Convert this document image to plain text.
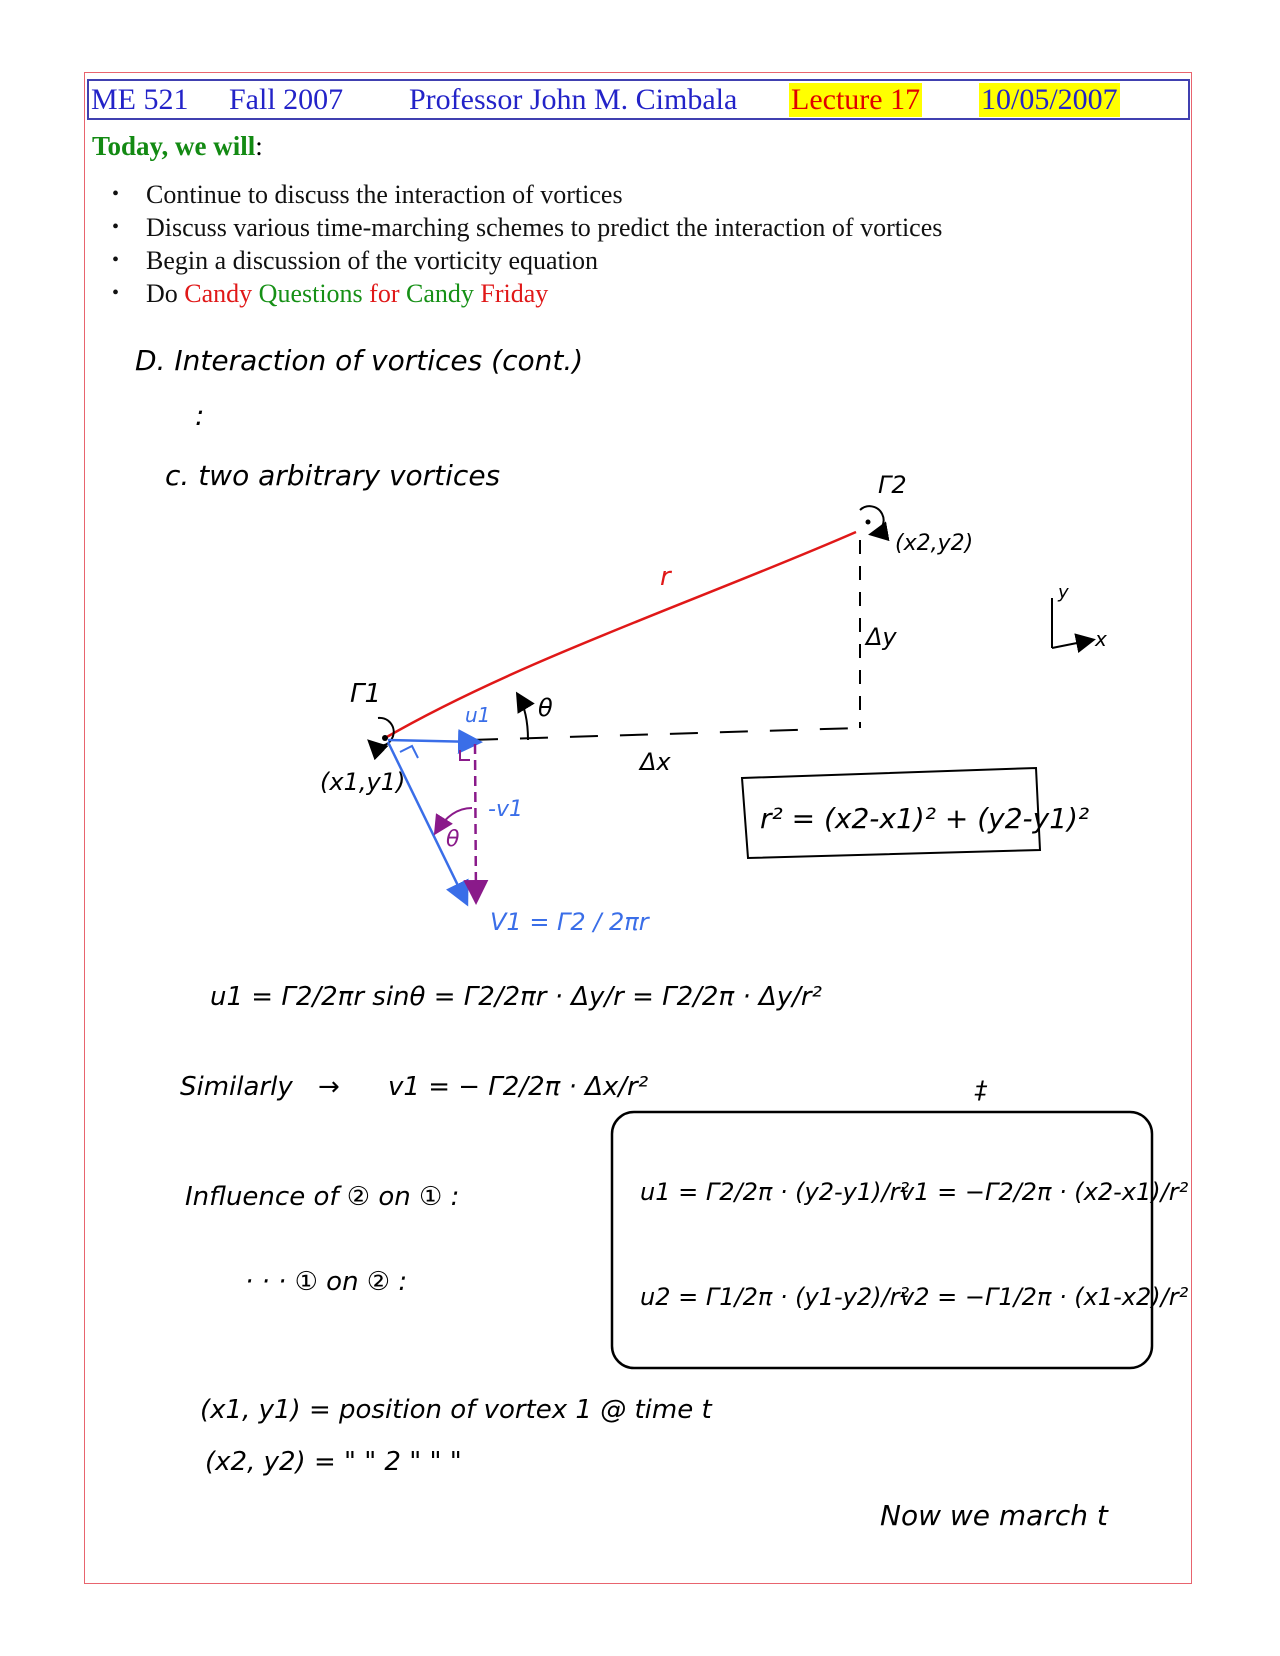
ME 521 Fall 2007 Professor John M. Cimbala Lecture 17 10/05/2007
Today, we will:
• Continue to discuss the interaction of vortices
• Discuss various time-marching schemes to predict the interaction of vortices
• Begin a discussion of the vorticity equation
• Do Candy Questions for Candy Friday
D. Interaction of vortices (cont.)
:
c. two arbitrary vortices	Γ2
(x2,y2)
r
Δy
Δx
θ
y
x
Γ1
(x1,y1)
u1
-v1
θ
V1 = Γ2 / 2πr
r² = (x2-x1)² + (y2-y1)²
u1 = Γ2/2πr sinθ = Γ2/2πr · Δy/r = Γ2/2π · Δy/r²
Similarly → v1 = − Γ2/2π · Δx/r²	‡
Influence of ② on ① :
· · · ① on ② :
u1 = Γ2/2π · (y2-y1)/r²
v1 = −Γ2/2π · (x2-x1)/r²
u2 = Γ1/2π · (y1-y2)/r²
v2 = −Γ1/2π · (x1-x2)/r²
(x1, y1) = position of vortex 1 @ time t
(x2, y2) = " " 2 " " "
Now we march t
